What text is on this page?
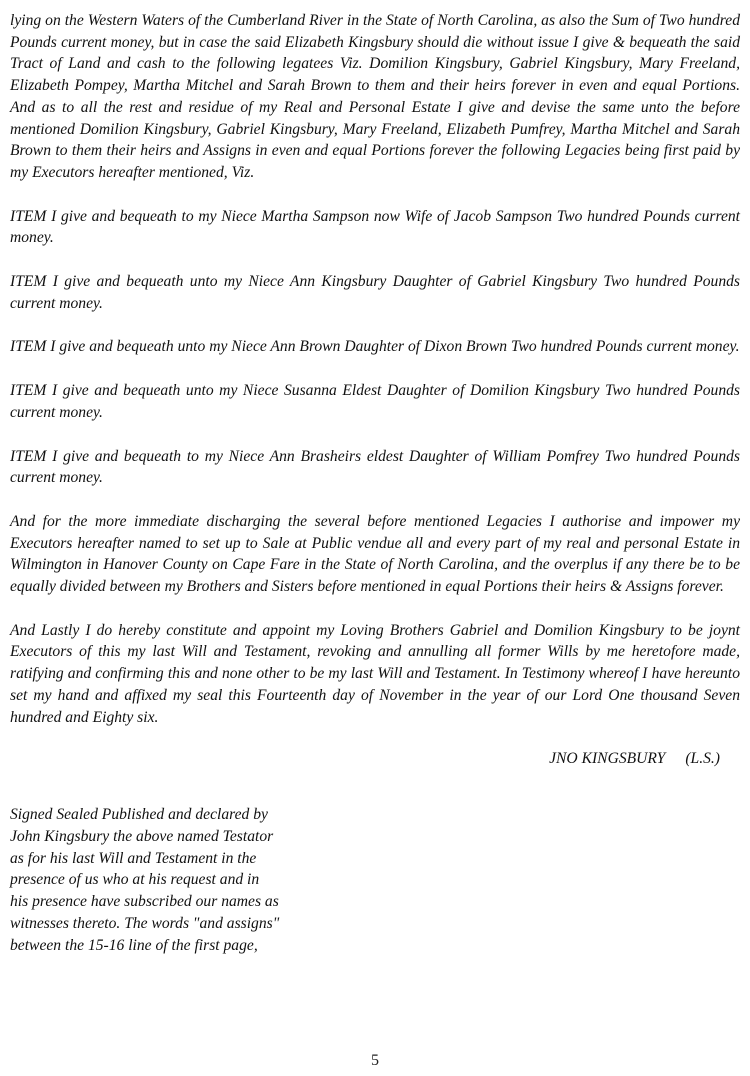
lying on the Western Waters of the Cumberland River in the State of North Carolina, as also the Sum of Two hundred Pounds current money, but in case the said Elizabeth Kingsbury should die without issue I give & bequeath the said Tract of Land and cash to the following legatees Viz. Domilion Kingsbury, Gabriel Kingsbury, Mary Freeland, Elizabeth Pompey, Martha Mitchel and Sarah Brown to them and their heirs forever in even and equal Portions. And as to all the rest and residue of my Real and Personal Estate I give and devise the same unto the before mentioned Domilion Kingsbury, Gabriel Kingsbury, Mary Freeland, Elizabeth Pumfrey, Martha Mitchel and Sarah Brown to them their heirs and Assigns in even and equal Portions forever the following Legacies being first paid by my Executors hereafter mentioned, Viz.

ITEM I give and bequeath to my Niece Martha Sampson now Wife of Jacob Sampson Two hundred Pounds current money.

ITEM I give and bequeath unto my Niece Ann Kingsbury Daughter of Gabriel Kingsbury Two hundred Pounds current money.

ITEM I give and bequeath unto my Niece Ann Brown Daughter of Dixon Brown Two hundred Pounds current money.

ITEM I give and bequeath unto my Niece Susanna Eldest Daughter of Domilion Kingsbury Two hundred Pounds current money.

ITEM I give and bequeath to my Niece Ann Brasheirs eldest Daughter of William Pomfrey Two hundred Pounds current money.

And for the more immediate discharging the several before mentioned Legacies I authorise and impower my Executors hereafter named to set up to Sale at Public vendue all and every part of my real and personal Estate in Wilmington in Hanover County on Cape Fare in the State of North Carolina, and the overplus if any there be to be equally divided between my Brothers and Sisters before mentioned in equal Portions their heirs & Assigns forever.

And Lastly I do hereby constitute and appoint my Loving Brothers Gabriel and Domilion Kingsbury to be joynt Executors of this my last Will and Testament, revoking and annulling all former Wills by me heretofore made, ratifying and confirming this and none other to be my last Will and Testament. In Testimony whereof I have hereunto set my hand and affixed my seal this Fourteenth day of November in the year of our Lord One thousand Seven hundred and Eighty six.

JNO KINGSBURY (L.S.)
Signed Sealed Published and declared by
John Kingsbury the above named Testator
as for his last Will and Testament in the
presence of us who at his request and in
his presence have subscribed our names as
witnesses thereto. The words "and assigns"
between the 15-16 line of the first page,
5
